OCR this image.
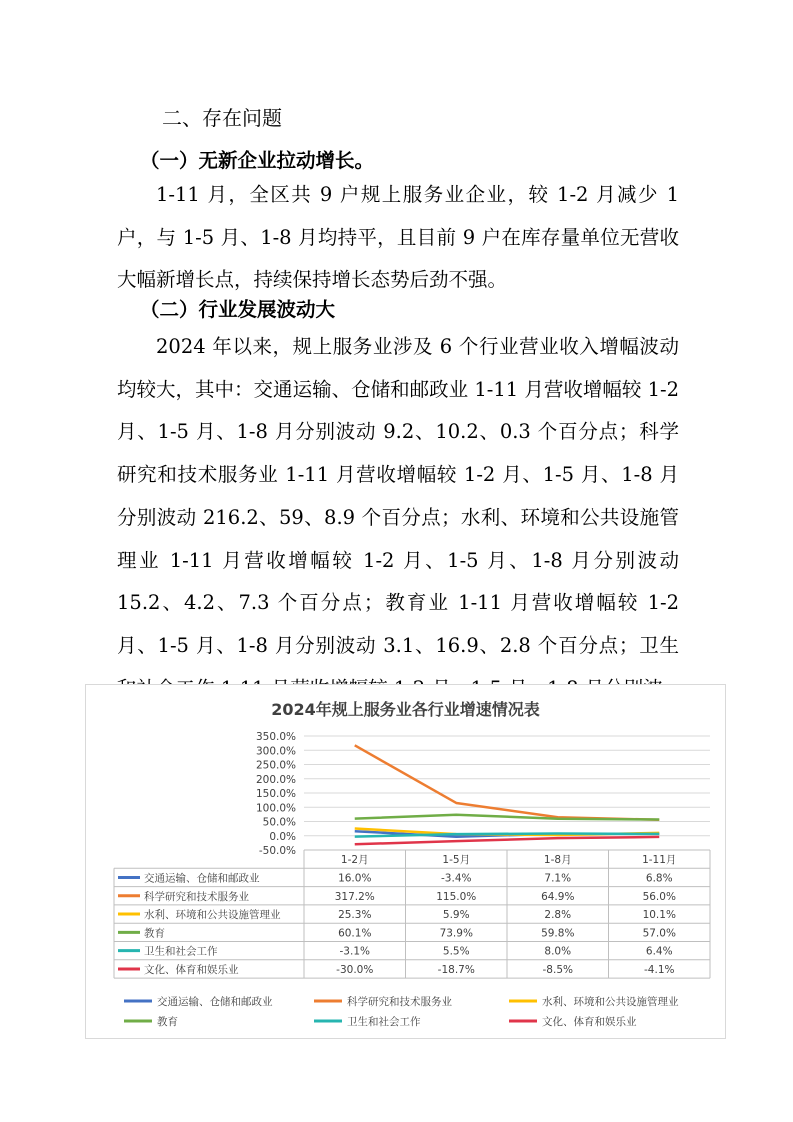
二、存在问题
（一）无新企业拉动增长。

1-11 月，全区共 9 户规上服务业企业，较 1-2 月减少 1 户，与 1-5 月、1-8 月均持平，且目前 9 户在库存量单位无营收大幅新增长点，持续保持增长态势后劲不强。

（二）行业发展波动大

2024 年以来，规上服务业涉及 6 个行业营业收入增幅波动均较大，其中：交通运输、仓储和邮政业 1-11 月营收增幅较 1-2 月、1-5 月、1-8 月分别波动 9.2、10.2、0.3 个百分点；科学研究和技术服务业 1-11 月营收增幅较 1-2 月、1-5 月、1-8 月分别波动 216.2、59、8.9 个百分点；水利、环境和公共设施管理业 1-11 月营收增幅较 1-2 月、1-5 月、1-8 月分别波动 15.2、4.2、7.3 个百分点；教育业 1-11 月营收增幅较 1-2 月、1-5 月、1-8 月分别波动 3.1、16.9、2.8 个百分点；卫生

2024年规上服务业各行业增速情况表
350.0%
300.0%
250.0%
200.0%
150.0%
100.0%
50.0%
0.0%
-50.0%
1-2月	1-5月	1-8月	1-11月
交通运输、仓储和邮政业	16.0%	-3.4%	7.1%	6.8%
科学研究和技术服务业	317.2%	115.0%	64.9%	56.0%
水利、环境和公共设施管理业	25.3%	5.9%	2.8%	10.1%
教育	60.1%	73.9%	59.8%	57.0%
卫生和社会工作	-3.1%	5.5%	8.0%	6.4%
文化、体育和娱乐业	-30.0%	-18.7%	-8.5%	-4.1%
交通运输、仓储和邮政业	科学研究和技术服务业	水利、环境和公共设施管理业
教育	卫生和社会工作	文化、体育和娱乐业
